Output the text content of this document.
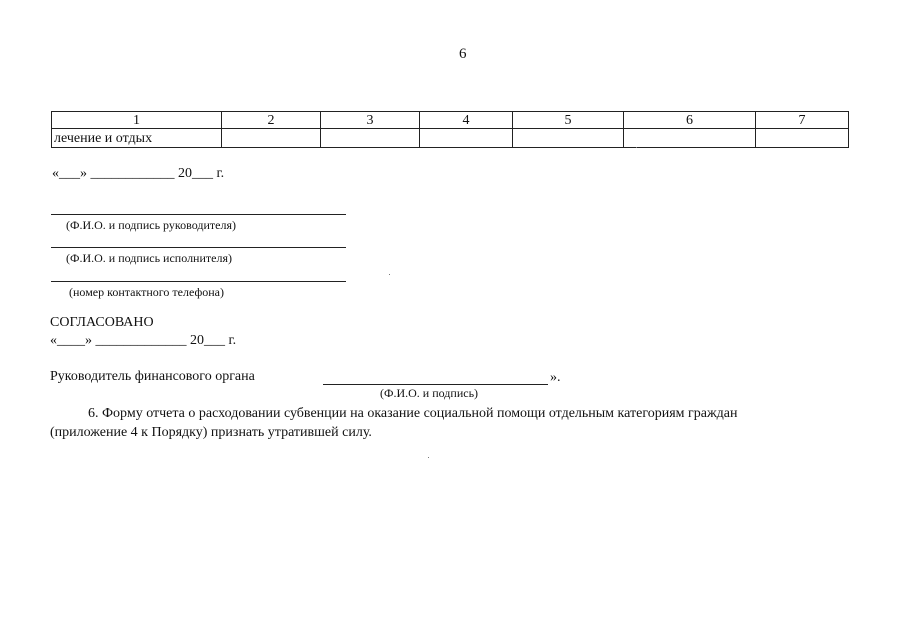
6
1	2	3	4	5	6	7
лечение и отдых						
«___» ____________ 20___ г.
(Ф.И.О. и подпись руководителя)
(Ф.И.О. и подпись исполнителя)
(номер контактного телефона)
СОГЛАСОВАНО
«____» _____________ 20___ г.
Руководитель финансового органа	».
(Ф.И.О. и подпись)
6. Форму отчета о расходовании субвенции на оказание социальной помощи отдельным категориям граждан
(приложение 4 к Порядку) признать утратившей силу.
